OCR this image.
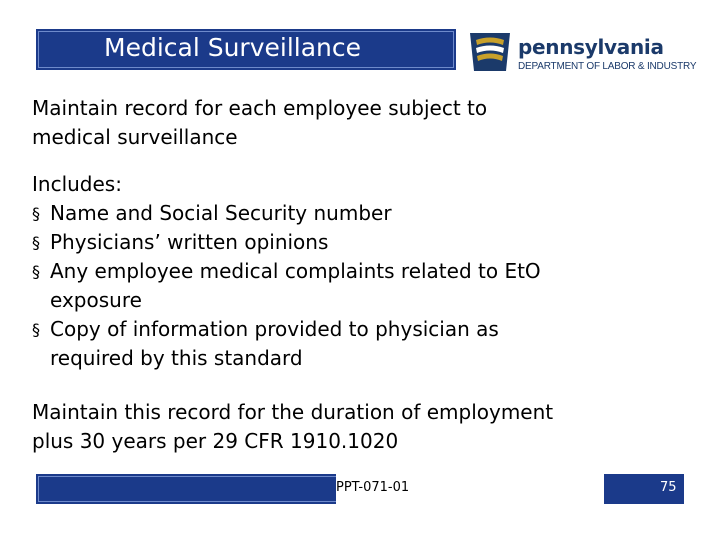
Medical Surveillance	pennsylvania
DEPARTMENT OF LABOR & INDUSTRY
Maintain record for each employee subject to
medical surveillance
Includes:
§ Name and Social Security number
§ Physicians’ written opinions
§ Any employee medical complaints related to EtO
exposure
§ Copy of information provided to physician as
required by this standard
Maintain this record for the duration of employment
plus 30 years per 29 CFR 1910.1020
PPT-071-01	75
